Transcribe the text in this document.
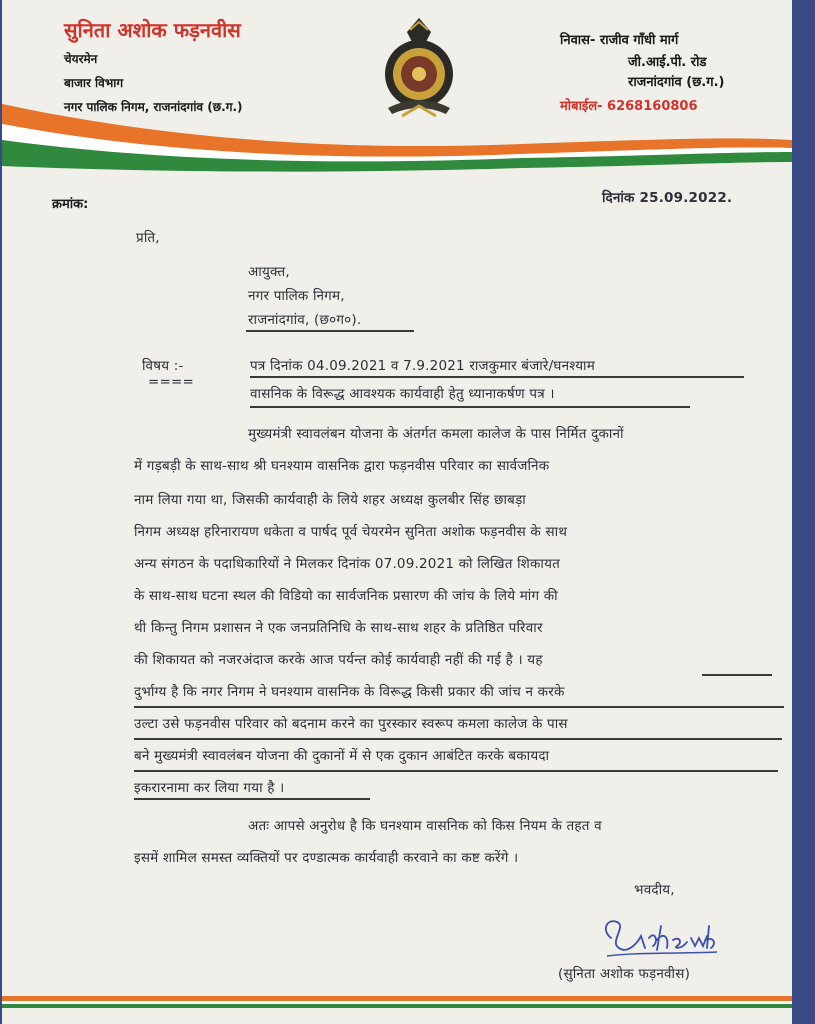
सुनिता अशोक फड़नवीस
चेयरमेन
बाजार विभाग
नगर पालिक निगम, राजनांदगांव (छ.ग.)
निवास- राजीव गाँधी मार्ग
जी.आई.पी. रोड
राजनांदगांव (छ.ग.)
मोबाईल- 6268160806
क्रमांक:	दिनांक 25.09.2022.
प्रति,
आयुक्त,
नगर पालिक निगम,
राजनांदगांव, (छ०ग०).
विषय :-
====
पत्र दिनांक 04.09.2021 व 7.9.2021 राजकुमार बंजारे/घनश्याम
वासनिक के विरूद्ध आवश्यक कार्यवाही हेतु ध्यानाकर्षण पत्र ।
मुख्यमंत्री स्वावलंबन योजना के अंतर्गत कमला कालेज के पास निर्मित दुकानों
में गड़बड़ी के साथ-साथ श्री घनश्याम वासनिक द्वारा फड़नवीस परिवार का सार्वजनिक
नाम लिया गया था, जिसकी कार्यवाही के लिये शहर अध्यक्ष कुलबीर सिंह छाबड़ा
निगम अध्यक्ष हरिनारायण धकेता व पार्षद पूर्व चेयरमेन सुनिता अशोक फड़नवीस के साथ
अन्य संगठन के पदाधिकारियों ने मिलकर दिनांक 07.09.2021 को लिखित शिकायत
के साथ-साथ घटना स्थल की विडियो का सार्वजनिक प्रसारण की जांच के लिये मांग की
थी किन्तु निगम प्रशासन ने एक जनप्रतिनिधि के साथ-साथ शहर के प्रतिष्ठित परिवार
की शिकायत को नजरअंदाज करके आज पर्यन्त कोई कार्यवाही नहीं की गई है । यह
दुर्भाग्य है कि नगर निगम ने घनश्याम वासनिक के विरूद्ध किसी प्रकार की जांच न करके
उल्टा उसे फड़नवीस परिवार को बदनाम करने का पुरस्कार स्वरूप कमला कालेज के पास
बने मुख्यमंत्री स्वावलंबन योजना की दुकानों में से एक दुकान आबंटित करके बकायदा
इकरारनामा कर लिया गया है ।
अतः आपसे अनुरोध है कि घनश्याम वासनिक को किस नियम के तहत व
इसमें शामिल समस्त व्यक्तियों पर दण्डात्मक कार्यवाही करवाने का कष्ट करेंगे ।
भवदीय,
(सुनिता अशोक फड़नवीस)
